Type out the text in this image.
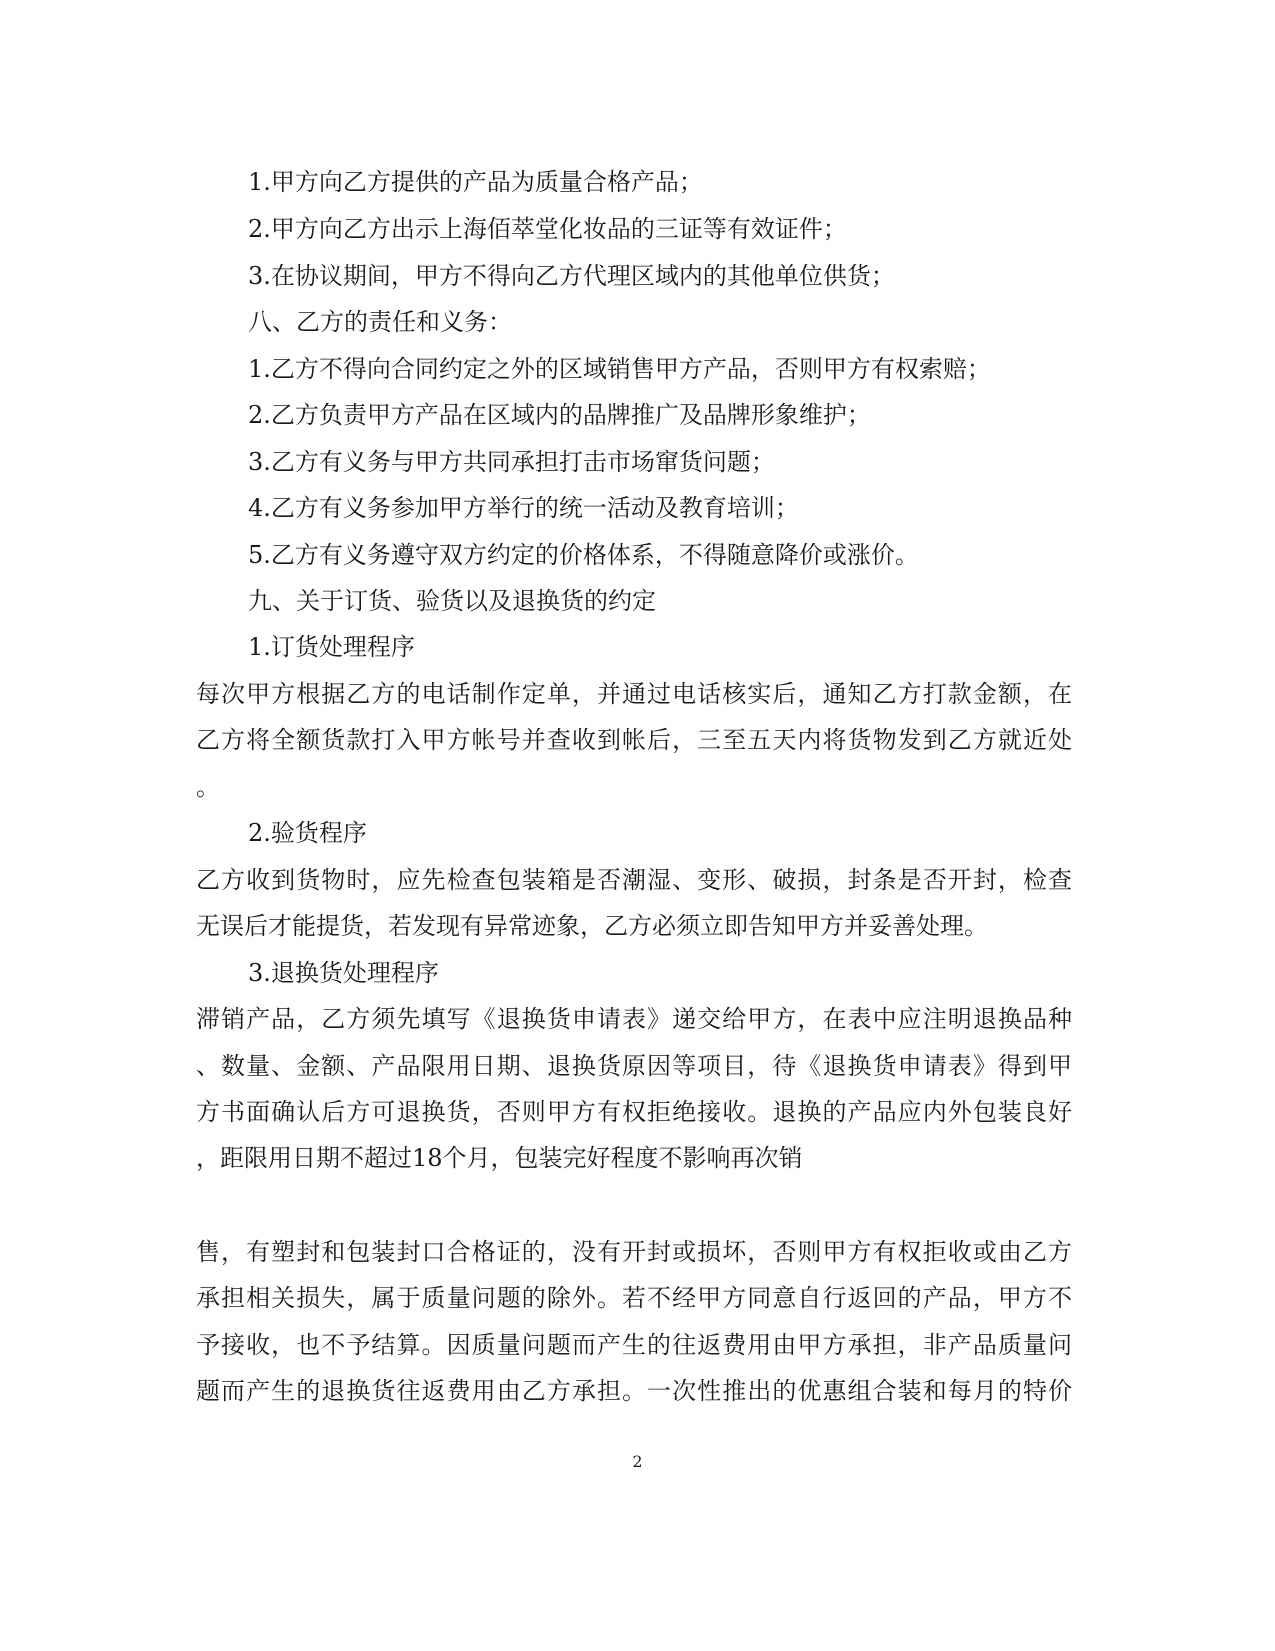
1.甲方向乙方提供的产品为质量合格产品；
2.甲方向乙方出示上海佰萃堂化妆品的三证等有效证件；
3.在协议期间，甲方不得向乙方代理区域内的其他单位供货；
八、乙方的责任和义务：
1.乙方不得向合同约定之外的区域销售甲方产品，否则甲方有权索赔；
2.乙方负责甲方产品在区域内的品牌推广及品牌形象维护；
3.乙方有义务与甲方共同承担打击市场窜货问题；
4.乙方有义务参加甲方举行的统一活动及教育培训；
5.乙方有义务遵守双方约定的价格体系，不得随意降价或涨价。
九、关于订货、验货以及退换货的约定
1.订货处理程序
每次甲方根据乙方的电话制作定单，并通过电话核实后，通知乙方打款金额，在
乙方将全额货款打入甲方帐号并查收到帐后，三至五天内将货物发到乙方就近处
。
2.验货程序
乙方收到货物时，应先检查包装箱是否潮湿、变形、破损，封条是否开封，检查
无误后才能提货，若发现有异常迹象，乙方必须立即告知甲方并妥善处理。
3.退换货处理程序
滞销产品，乙方须先填写《退换货申请表》递交给甲方，在表中应注明退换品种
、数量、金额、产品限用日期、退换货原因等项目，待《退换货申请表》得到甲
方书面确认后方可退换货，否则甲方有权拒绝接收。退换的产品应内外包装良好
，距限用日期不超过18个月，包装完好程度不影响再次销
售，有塑封和包装封口合格证的，没有开封或损坏，否则甲方有权拒收或由乙方
承担相关损失，属于质量问题的除外。若不经甲方同意自行返回的产品，甲方不
予接收，也不予结算。因质量问题而产生的往返费用由甲方承担，非产品质量问
题而产生的退换货往返费用由乙方承担。一次性推出的优惠组合装和每月的特价
2
